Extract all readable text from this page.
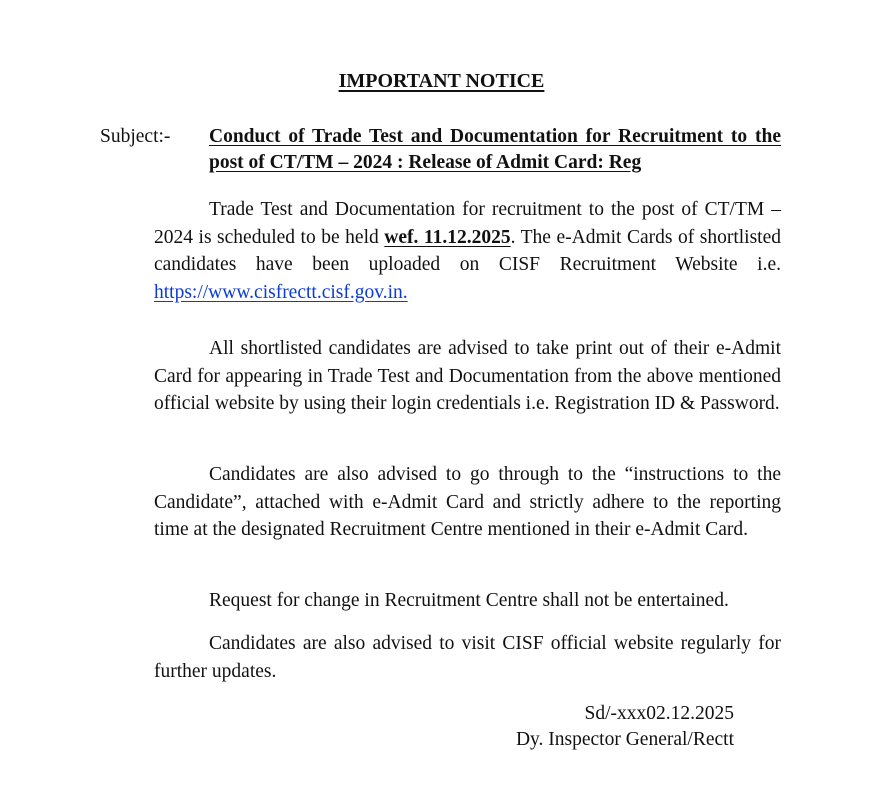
IMPORTANT NOTICE
Subject:- Conduct of Trade Test and Documentation for Recruitment to the post of CT/TM – 2024 : Release of Admit Card: Reg

Trade Test and Documentation for recruitment to the post of CT/TM – 2024 is scheduled to be held wef. 11.12.2025. The e-Admit Cards of shortlisted candidates have been uploaded on CISF Recruitment Website i.e. https://www.cisfrectt.cisf.gov.in.

All shortlisted candidates are advised to take print out of their e-Admit Card for appearing in Trade Test and Documentation from the above mentioned official website by using their login credentials i.e. Registration ID & Password.

Candidates are also advised to go through to the “instructions to the Candidate”, attached with e-Admit Card and strictly adhere to the reporting time at the designated Recruitment Centre mentioned in their e-Admit Card.

Request for change in Recruitment Centre shall not be entertained.

Candidates are also advised to visit CISF official website regularly for further updates.

Sd/-xxx02.12.2025
Dy. Inspector General/Rectt
